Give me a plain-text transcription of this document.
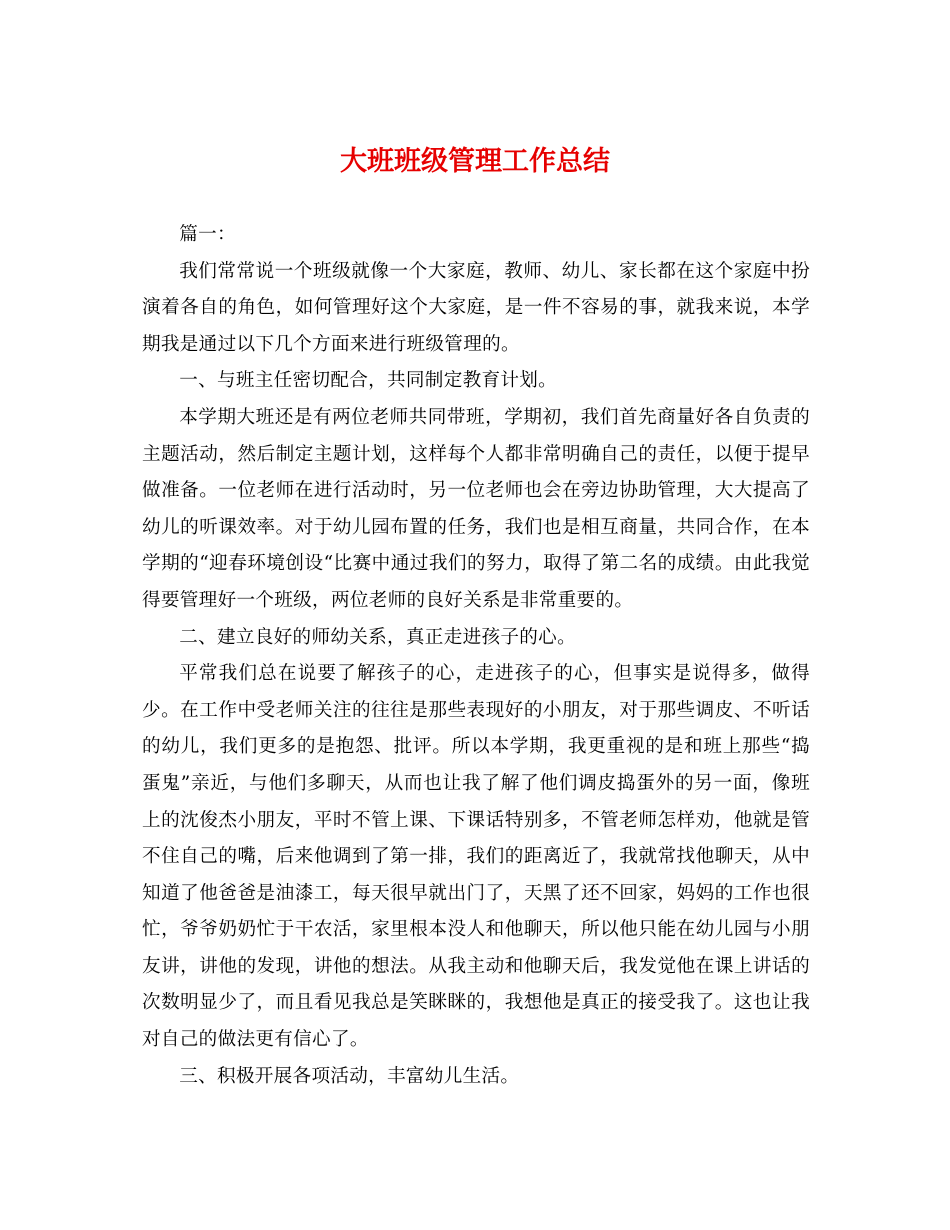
大班班级管理工作总结

篇一：

我们常常说一个班级就像一个大家庭，教师、幼儿、家长都在这个家庭中扮演着各自的角色，如何管理好这个大家庭，是一件不容易的事，就我来说，本学期我是通过以下几个方面来进行班级管理的。

一、与班主任密切配合，共同制定教育计划。

本学期大班还是有两位老师共同带班，学期初，我们首先商量好各自负责的主题活动，然后制定主题计划，这样每个人都非常明确自己的责任，以便于提早做准备。一位老师在进行活动时，另一位老师也会在旁边协助管理，大大提高了幼儿的听课效率。对于幼儿园布置的任务，我们也是相互商量，共同合作，在本学期的“迎春环境创设“比赛中通过我们的努力，取得了第二名的成绩。由此我觉得要管理好一个班级，两位老师的良好关系是非常重要的。

二、建立良好的师幼关系，真正走进孩子的心。

平常我们总在说要了解孩子的心，走进孩子的心，但事实是说得多，做得少。在工作中受老师关注的往往是那些表现好的小朋友，对于那些调皮、不听话的幼儿，我们更多的是抱怨、批评。所以本学期，我更重视的是和班上那些“捣蛋鬼”亲近，与他们多聊天，从而也让我了解了他们调皮捣蛋外的另一面，像班上的沈俊杰小朋友，平时不管上课、下课话特别多，不管老师怎样劝，他就是管不住自己的嘴，后来他调到了第一排，我们的距离近了，我就常找他聊天，从中知道了他爸爸是油漆工，每天很早就出门了，天黑了还不回家，妈妈的工作也很忙，爷爷奶奶忙于干农活，家里根本没人和他聊天，所以他只能在幼儿园与小朋友讲，讲他的发现，讲他的想法。从我主动和他聊天后，我发觉他在课上讲话的次数明显少了，而且看见我总是笑眯眯的，我想他是真正的接受我了。这也让我对自己的做法更有信心了。

三、积极开展各项活动，丰富幼儿生活。
